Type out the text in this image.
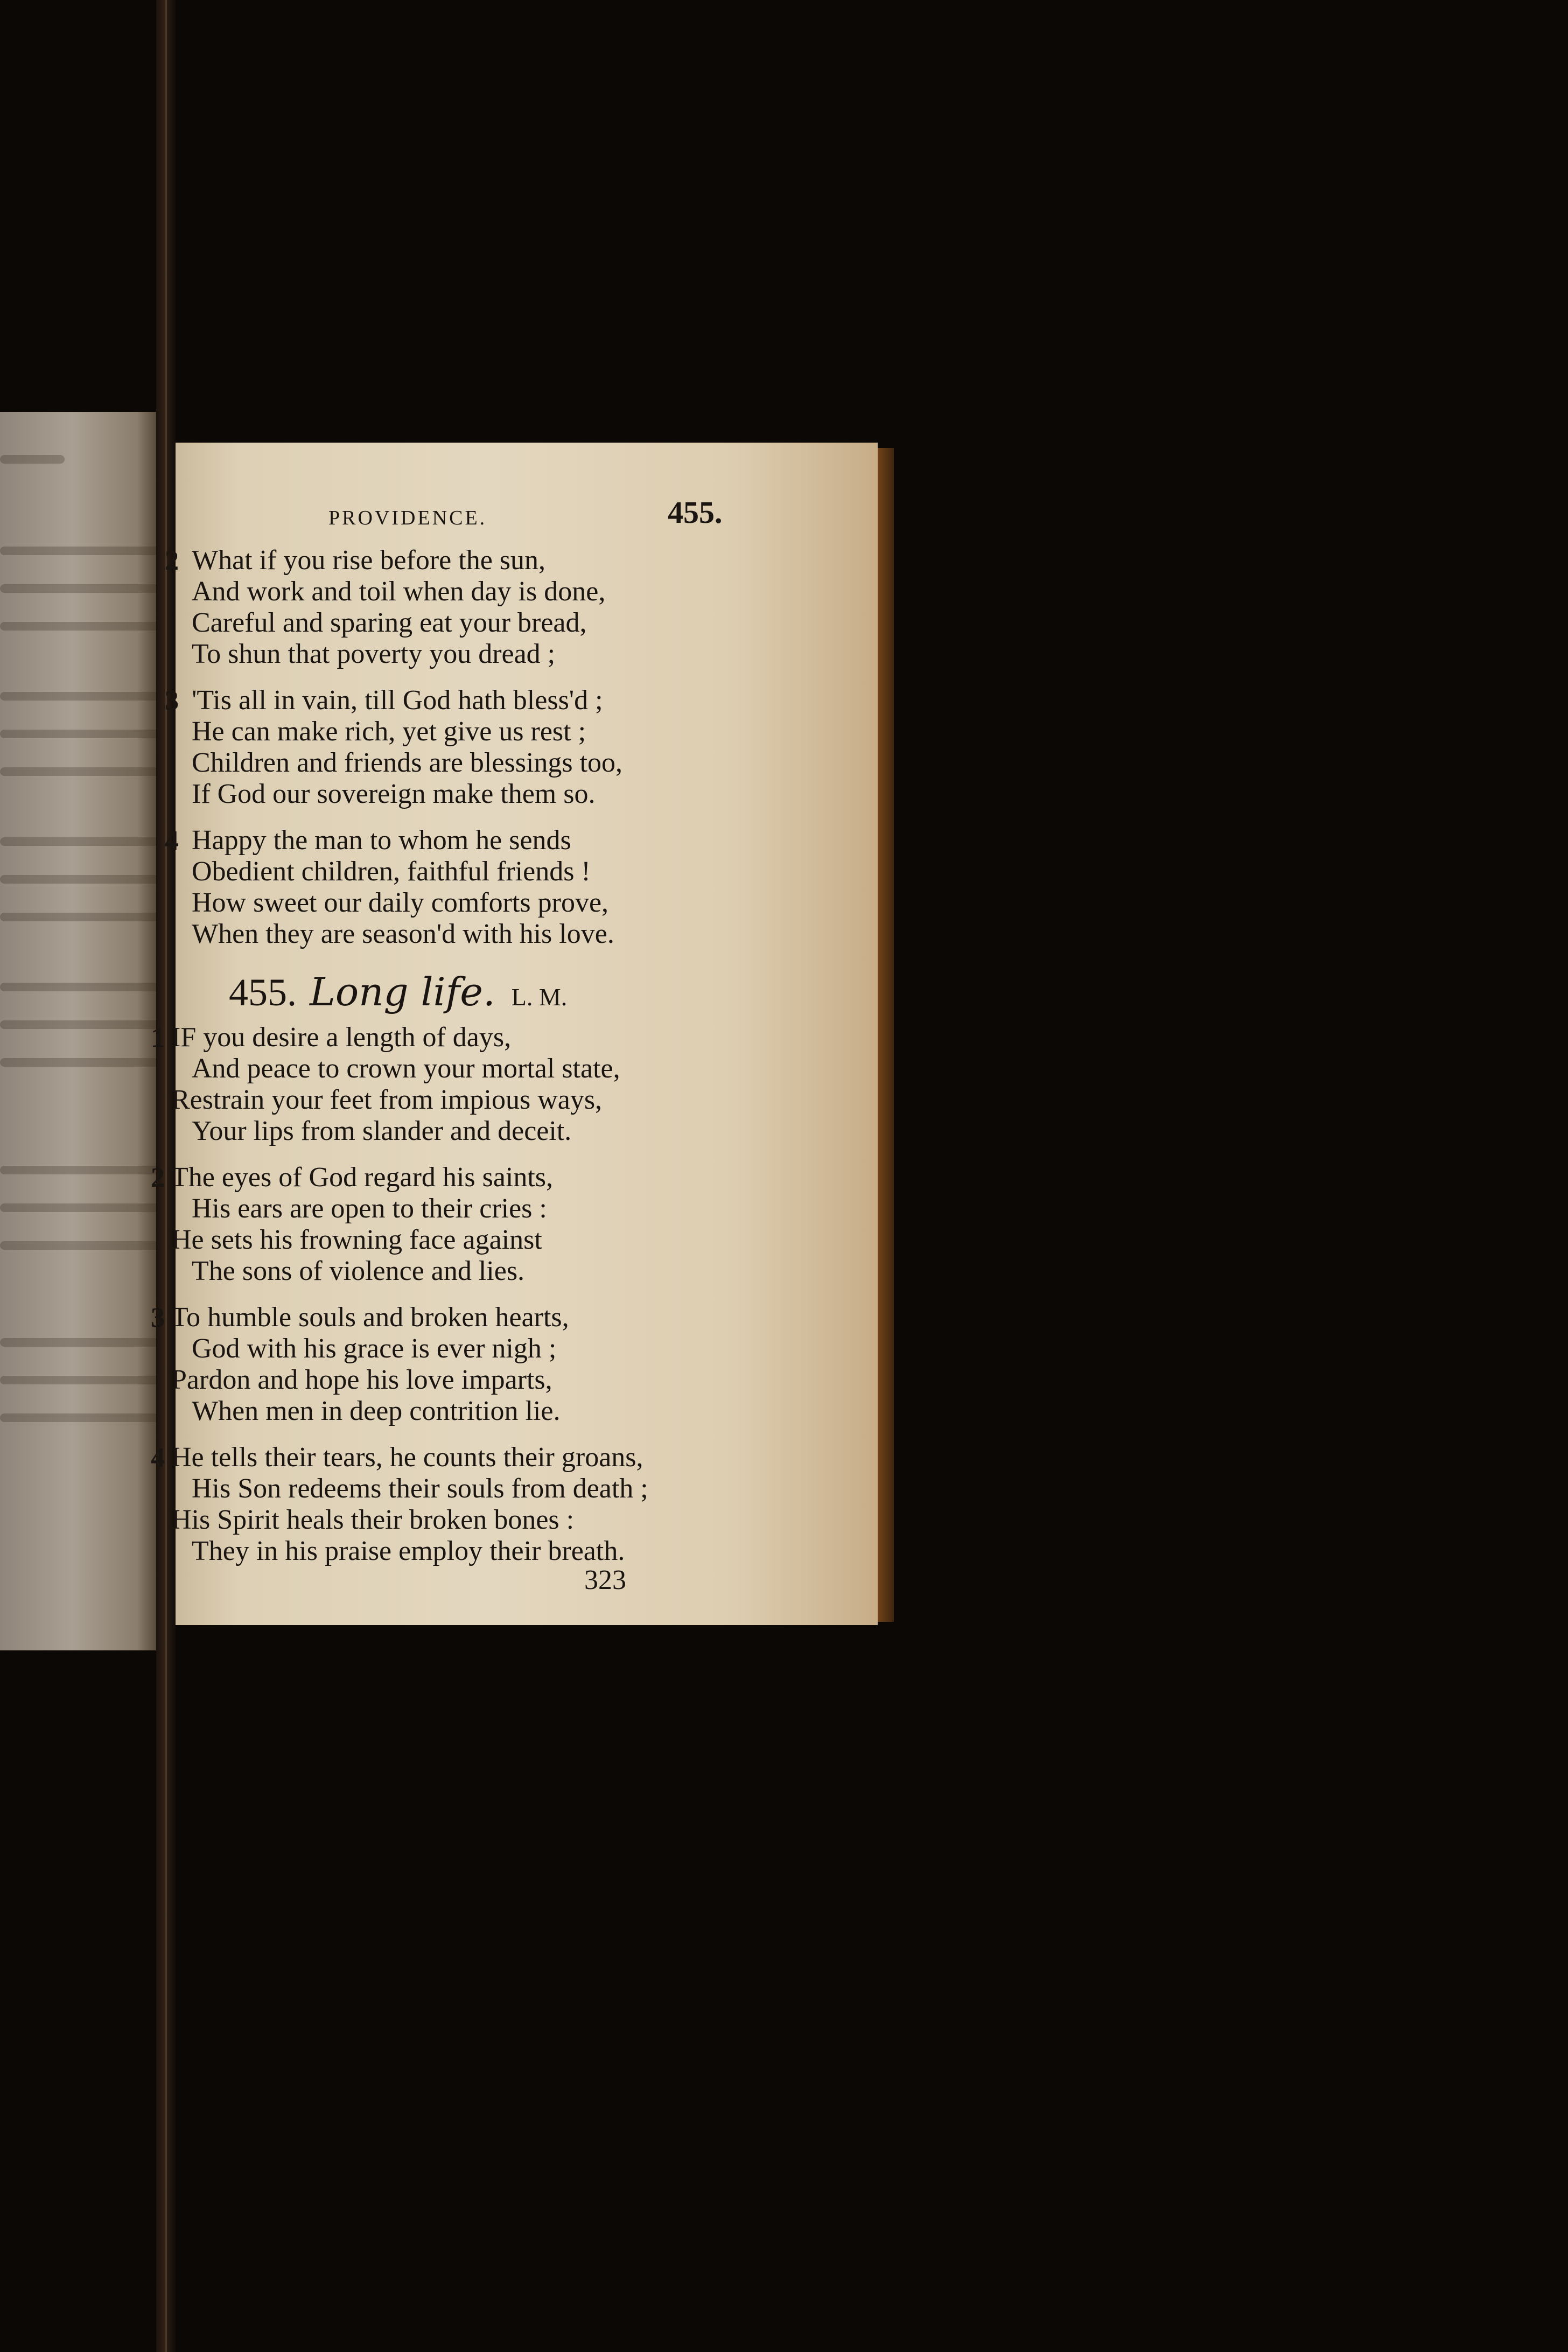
PROVIDENCE.	455.
2 What if you rise before the sun,
And work and toil when day is done,
Careful and sparing eat your bread,
To shun that poverty you dread ;
3 'Tis all in vain, till God hath bless'd ;
He can make rich, yet give us rest ;
Children and friends are blessings too,
If God our sovereign make them so.
4 Happy the man to whom he sends
Obedient children, faithful friends !
How sweet our daily comforts prove,
When they are season'd with his love.
455. Long life. L. M.
1 IF you desire a length of days,
And peace to crown your mortal state,
Restrain your feet from impious ways,
Your lips from slander and deceit.
2 The eyes of God regard his saints,
His ears are open to their cries :
He sets his frowning face against
The sons of violence and lies.
3 To humble souls and broken hearts,
God with his grace is ever nigh ;
Pardon and hope his love imparts,
When men in deep contrition lie.
4 He tells their tears, he counts their groans,
His Son redeems their souls from death ;
His Spirit heals their broken bones :
They in his praise employ their breath.
323
